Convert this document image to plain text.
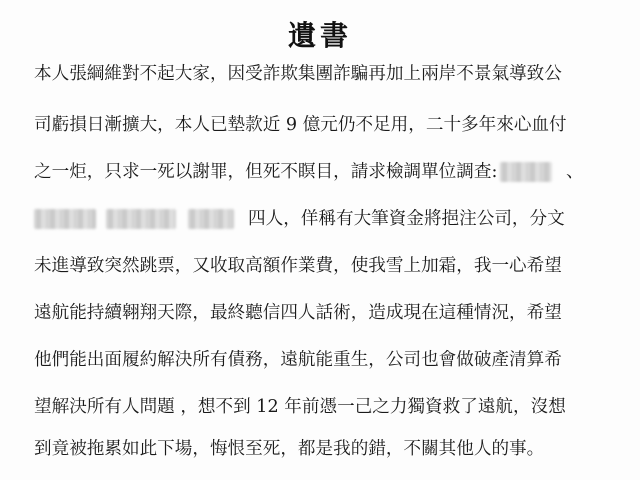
遺書
本人張綱維對不起大家，因受詐欺集團詐騙再加上兩岸不景氣導致公
司虧損日漸擴大，本人已墊款近 9 億元仍不足用，二十多年來心血付
之一炬，只求一死以謝罪，但死不瞑目，請求檢調單位調查:	、
四人，佯稱有大筆資金將挹注公司，分文
未進導致突然跳票，又收取高額作業費，使我雪上加霜，我一心希望
遠航能持續翱翔天際，最終聽信四人話術，造成現在這種情況，希望
他們能出面履約解決所有債務，遠航能重生，公司也會做破產清算希
望解決所有人問題 ，想不到 12 年前憑一己之力獨資救了遠航，沒想
到竟被拖累如此下場，悔恨至死，都是我的錯，不關其他人的事。
